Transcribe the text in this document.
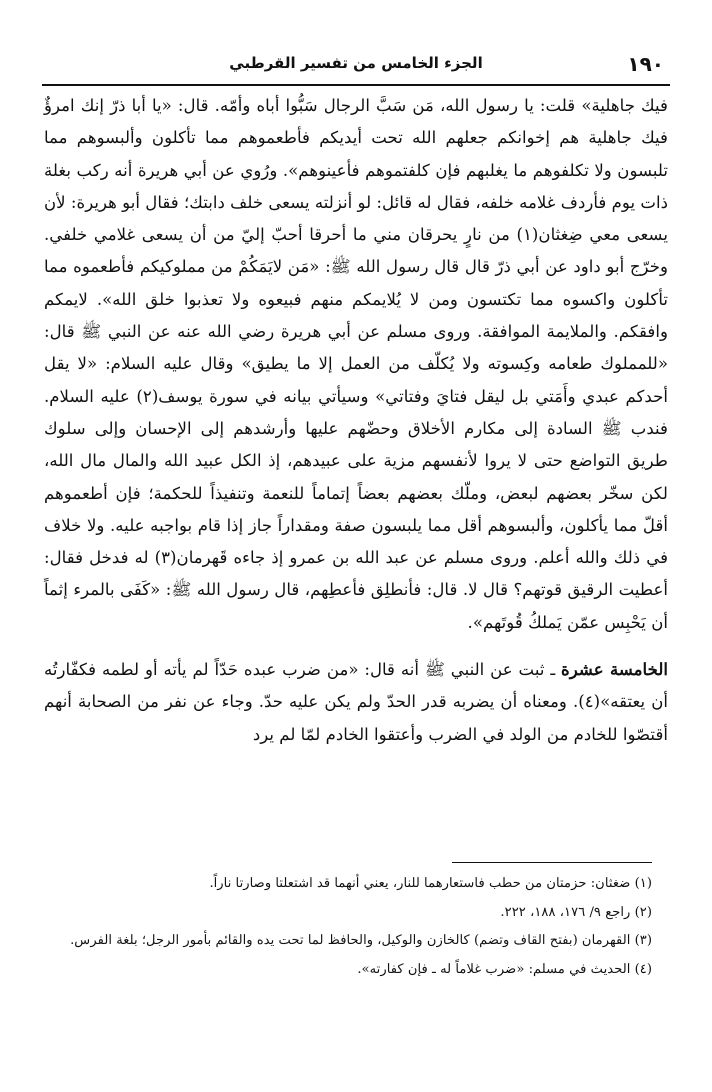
١٩٠
الجزء الخامس من تفسير القرطبي

فيك جاهلية» قلت: يا رسول الله، مَن سَبَّ الرجال سَبُّوا أباه وأمّه. قال: «يا أبا ذرّ إنك امرؤٌ فيك جاهلية هم إخوانكم جعلهم الله تحت أيديكم فأطعموهم مما تأكلون وألبسوهم مما تلبسون ولا تكلفوهم ما يغلبهم فإن كلفتموهم فأعينوهم». ورُوي عن أبي هريرة أنه ركب بغلة ذات يوم فأردف غلامه خلفه، فقال له قائل: لو أنزلته يسعى خلف دابتك؛ فقال أبو هريرة: لأن يسعى معي ضِغثان(١) من نارٍ يحرقان مني ما أحرقا أحبّ إليّ من أن يسعى غلامي خلفي. وخرّج أبو داود عن أبي ذرّ قال قال رسول الله ﷺ: «مَن لايَمَكُمْ من مملوكيكم فأطعموه مما تأكلون واكسوه مما تكتسون ومن لا يُلايمكم منهم فبيعوه ولا تعذبوا خلق الله». لايمكم وافقكم. والملايمة الموافقة. وروى مسلم عن أبي هريرة رضي الله عنه عن النبي ﷺ قال: «للمملوك طعامه وكِسوته ولا يُكلّف من العمل إلا ما يطيق» وقال عليه السلام: «لا يقل أحدكم عبدي وأَمَتي بل ليقل فتايَ وفتاتي» وسيأتي بيانه في سورة يوسف(٢) عليه السلام. فندب ﷺ السادة إلى مكارم الأخلاق وحضّهم عليها وأرشدهم إلى الإحسان وإلى سلوك طريق التواضع حتى لا يروا لأنفسهم مزية على عبيدهم، إذ الكل عبيد الله والمال مال الله، لكن سخّر بعضهم لبعض، وملّك بعضهم بعضاً إتماماً للنعمة وتنفيذاً للحكمة؛ فإن أطعموهم أقلّ مما يأكلون، وألبسوهم أقل مما يلبسون صفة ومقداراً جاز إذا قام بواجبه عليه. ولا خلاف في ذلك والله أعلم. وروى مسلم عن عبد الله بن عمرو إذ جاءه قَهرمان(٣) له فدخل فقال: أعطيت الرقيق قوتهم؟ قال لا. قال: فأنطلِق فأعطِهم، قال رسول الله ﷺ: «كَفَى بالمرء إثماً أن يَحْبِس عمّن يَملكُ قُوتَهم».

الخامسة عشرة ـ ثبت عن النبي ﷺ أنه قال: «من ضرب عبده حَدّاً لم يأته أو لطمه فكفّارتُه أن يعتقه»(٤). ومعناه أن يضربه قدر الحدّ ولم يكن عليه حدّ. وجاء عن نفر من الصحابة أنهم أقتصّوا للخادم من الولد في الضرب وأعتقوا الخادم لمّا لم يرد

(١) ضغثان: حزمتان من حطب فاستعارهما للنار، يعني أنهما قد اشتعلتا وصارتا ناراً.

(٢) راجع ٩/ ١٧٦، ١٨٨، ٢٢٢.

(٣) القهرمان (بفتح القاف وتضم) كالخازن والوكيل، والحافظ لما تحت يده والقائم بأمور الرجل؛ بلغة الفرس.

(٤) الحديث في مسلم: «ضرب غلاماً له ـ فإن كفارته».
